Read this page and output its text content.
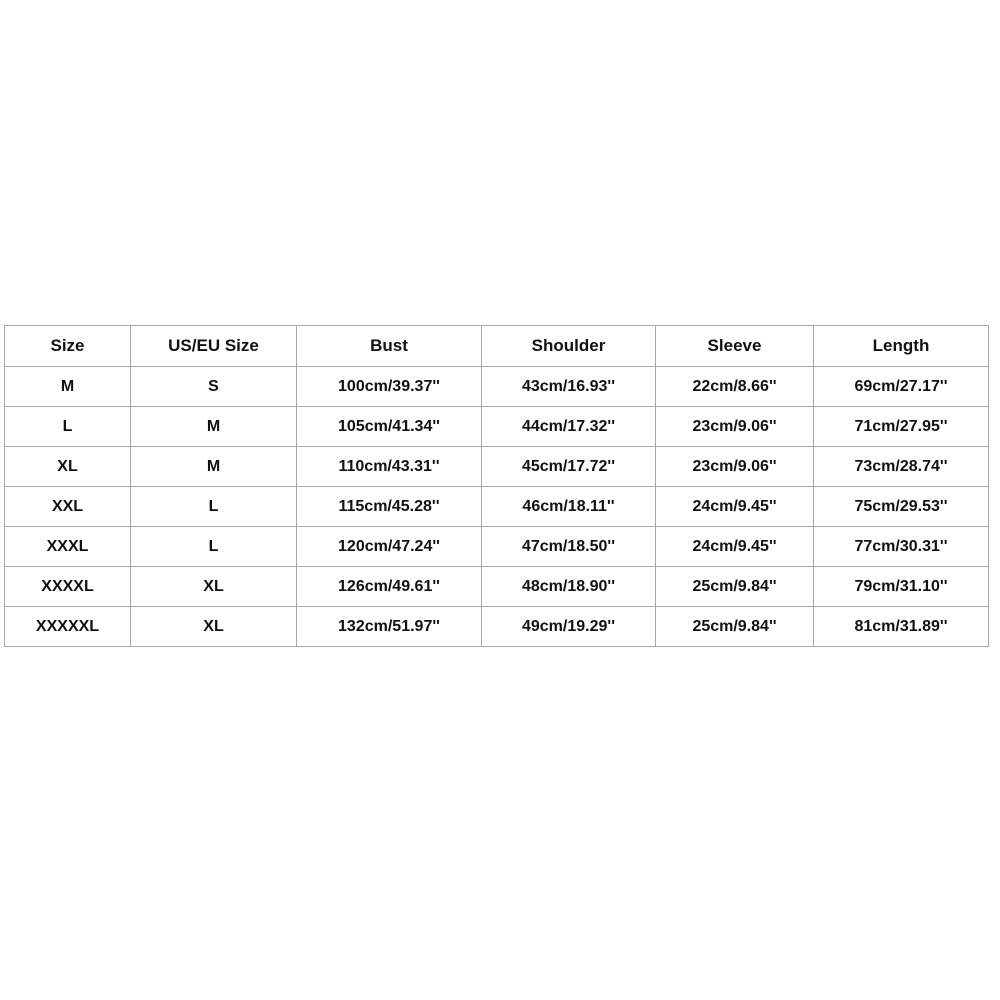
Size	US/EU Size	Bust	Shoulder	Sleeve	Length
M	S	100cm/39.37''	43cm/16.93''	22cm/8.66''	69cm/27.17''
L	M	105cm/41.34''	44cm/17.32''	23cm/9.06''	71cm/27.95''
XL	M	110cm/43.31''	45cm/17.72''	23cm/9.06''	73cm/28.74''
XXL	L	115cm/45.28''	46cm/18.11''	24cm/9.45''	75cm/29.53''
XXXL	L	120cm/47.24''	47cm/18.50''	24cm/9.45''	77cm/30.31''
XXXXL	XL	126cm/49.61''	48cm/18.90''	25cm/9.84''	79cm/31.10''
XXXXXL	XL	132cm/51.97''	49cm/19.29''	25cm/9.84''	81cm/31.89''
